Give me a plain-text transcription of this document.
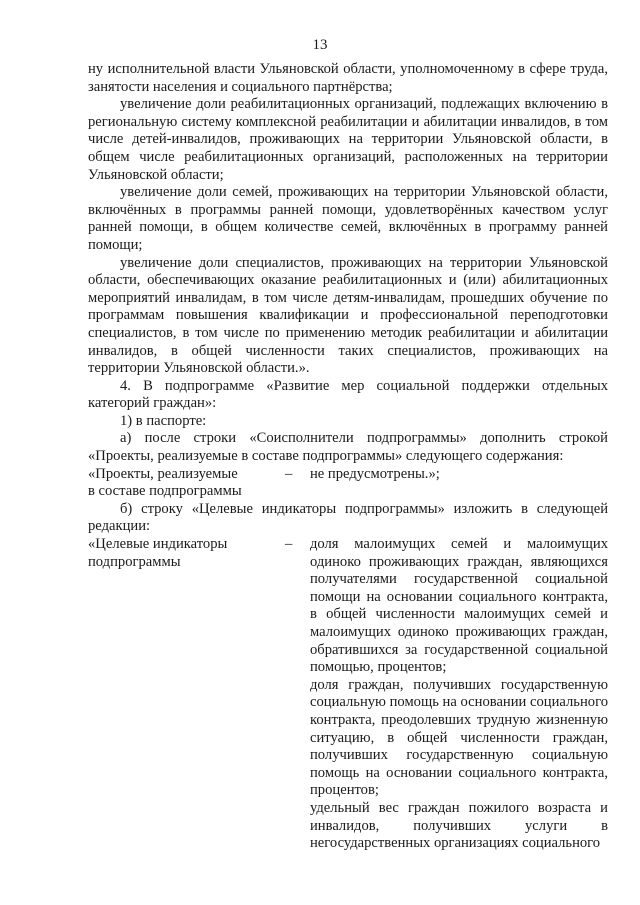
13

ну исполнительной власти Ульяновской области, уполномоченному в сфере труда, занятости населения и социального партнёрства;

увеличение доли реабилитационных организаций, подлежащих включению в региональную систему комплексной реабилитации и абилитации инвалидов, в том числе детей-инвалидов, проживающих на территории Ульяновской области, в общем числе реабилитационных организаций, расположенных на территории Ульяновской области;

увеличение доли семей, проживающих на территории Ульяновской области, включённых в программы ранней помощи, удовлетворённых качеством услуг ранней помощи, в общем количестве семей, включённых в программу ранней помощи;

увеличение доли специалистов, проживающих на территории Ульяновской области, обеспечивающих оказание реабилитационных и (или) абилитационных мероприятий инвалидам, в том числе детям-инвалидам, прошедших обучение по программам повышения квалификации и профессиональной переподготовки специалистов, в том числе по применению методик реабилитации и абилитации инвалидов, в общей численности таких специалистов, проживающих на территории Ульяновской области.».

4. В подпрограмме «Развитие мер социальной поддержки отдельных категорий граждан»:

1) в паспорте:

а) после строки «Соисполнители подпрограммы» дополнить строкой «Проекты, реализуемые в составе подпрограммы» следующего содержания:

«Проекты, реализуемые	–	не предусмотрены.»;

в составе подпрограммы

б) строку «Целевые индикаторы подпрограммы» изложить в следующей редакции:

«Целевые индикаторы подпрограммы
–	доля малоимущих семей и малоимущих одиноко проживающих граждан, являющихся получателями государственной социальной помощи на основании социального контракта, в общей численности малоимущих семей и малоимущих одиноко проживающих граждан, обратившихся за государственной социальной помощью, процентов;

доля граждан, получивших государственную социальную помощь на основании социального контракта, преодолевших трудную жизненную ситуацию, в общей численности граждан, получивших государственную социальную помощь на основании социального контракта, процентов;

удельный вес граждан пожилого возраста и инвалидов, получивших услуги в негосударственных организациях социального
